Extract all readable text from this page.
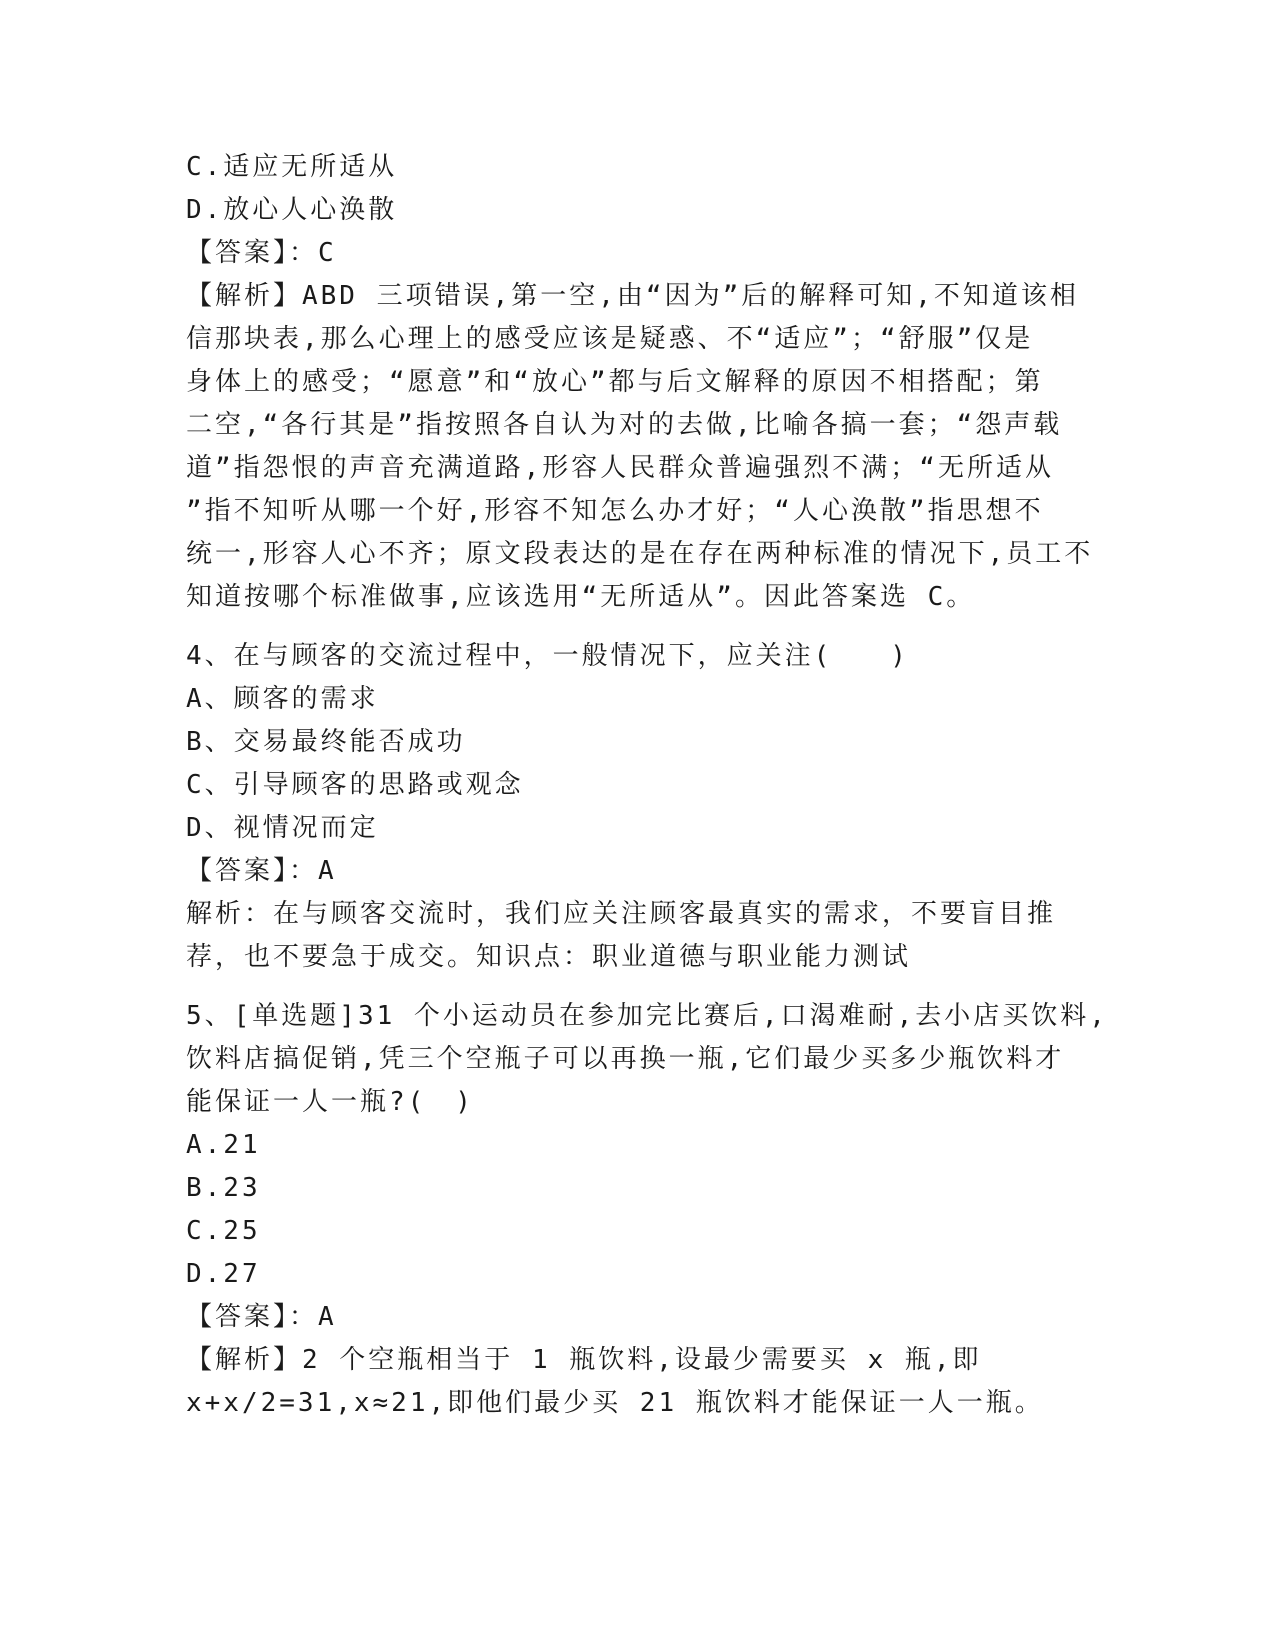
C.适应无所适从
D.放心人心涣散
【答案】：C
【解析】ABD 三项错误,第一空,由“因为”后的解释可知,不知道该相
信那块表,那么心理上的感受应该是疑惑、不“适应”；“舒服”仅是
身体上的感受；“愿意”和“放心”都与后文解释的原因不相搭配；第
二空,“各行其是”指按照各自认为对的去做,比喻各搞一套；“怨声载
道”指怨恨的声音充满道路,形容人民群众普遍强烈不满；“无所适从
”指不知听从哪一个好,形容不知怎么办才好；“人心涣散”指思想不
统一,形容人心不齐；原文段表达的是在存在两种标准的情况下,员工不
知道按哪个标准做事,应该选用“无所适从”。因此答案选 C。
4、在与顾客的交流过程中，一般情况下，应关注(　　)
A、顾客的需求
B、交易最终能否成功
C、引导顾客的思路或观念
D、视情况而定
【答案】：A
解析：在与顾客交流时，我们应关注顾客最真实的需求，不要盲目推
荐，也不要急于成交。知识点：职业道德与职业能力测试
5、[单选题]31 个小运动员在参加完比赛后,口渴难耐,去小店买饮料,
饮料店搞促销,凭三个空瓶子可以再换一瓶,它们最少买多少瓶饮料才
能保证一人一瓶?(　)
A.21
B.23
C.25
D.27
【答案】：A
【解析】2 个空瓶相当于 1 瓶饮料,设最少需要买 x 瓶,即
x+x/2=31,x≈21,即他们最少买 21 瓶饮料才能保证一人一瓶。
